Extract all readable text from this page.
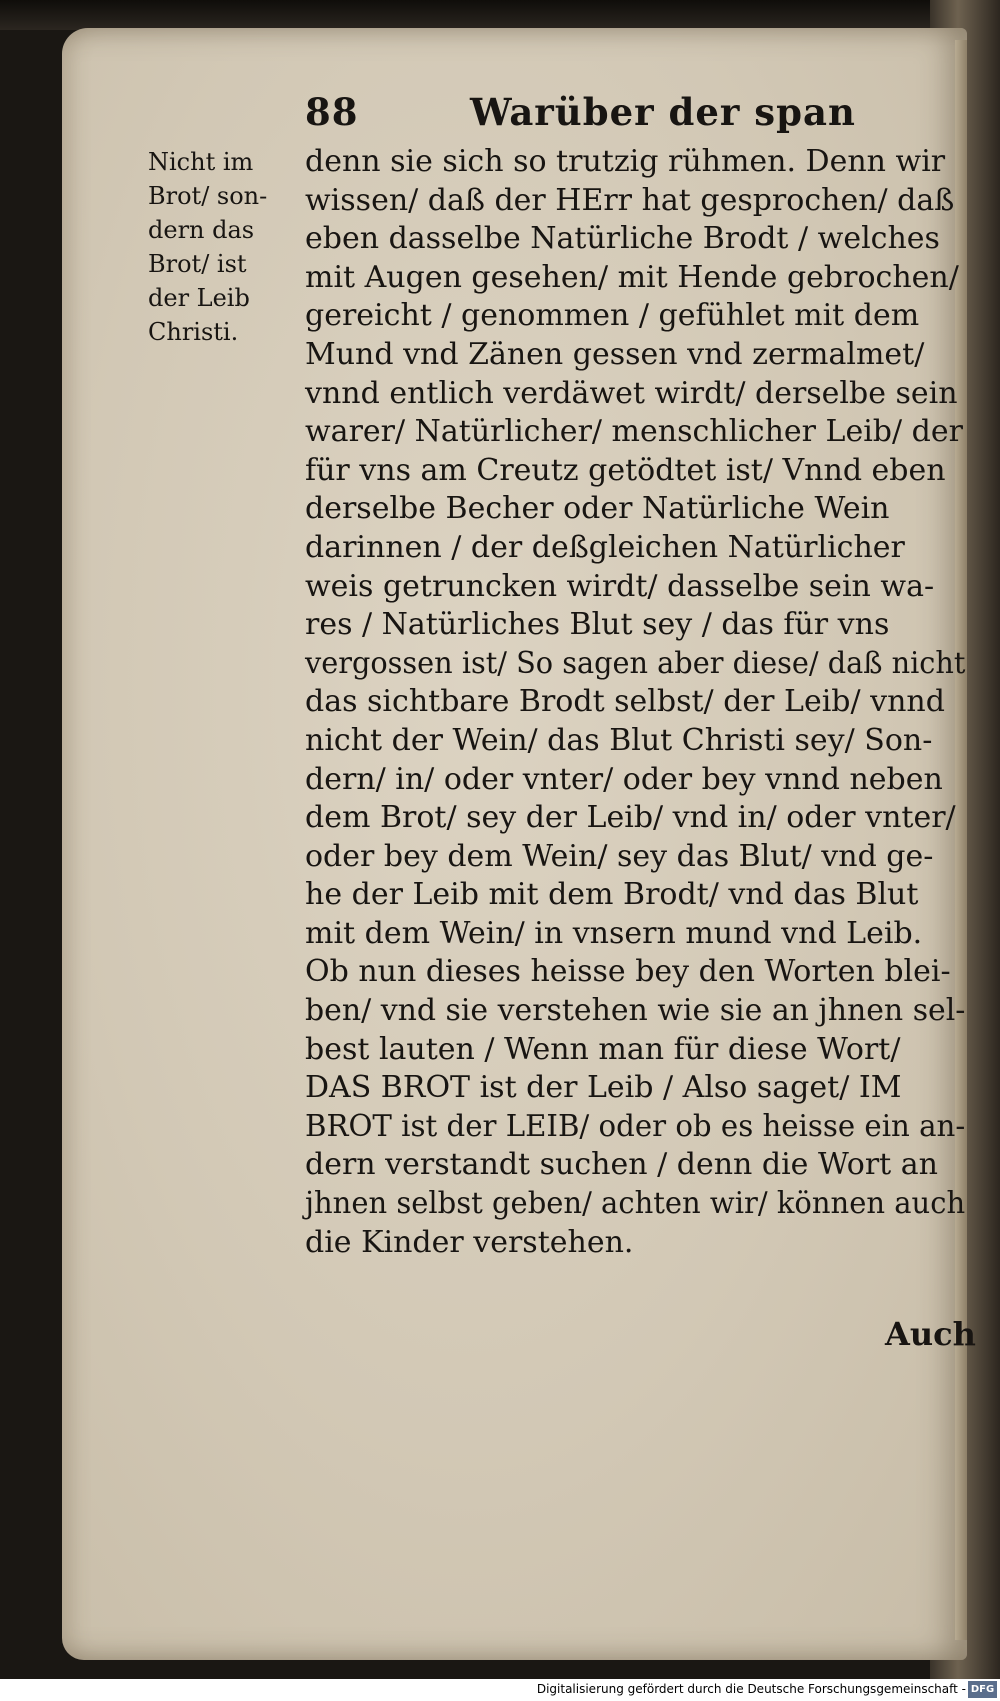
88	Warüber der span
Nicht im
Brot/ son-
dern das
Brot/ ist
der Leib
Christi.
denn sie sich so trutzig rühmen. Denn wir
wissen/ daß der HErr hat gesprochen/ daß
eben dasselbe Natürliche Brodt / welches
mit Augen gesehen/ mit Hende gebrochen/
gereicht / genommen / gefühlet mit dem
Mund vnd Zänen gessen vnd zermalmet/
vnnd entlich verdäwet wirdt/ derselbe sein
warer/ Natürlicher/ menschlicher Leib/ der
für vns am Creutz getödtet ist/ Vnnd eben
derselbe Becher oder Natürliche Wein
darinnen / der deßgleichen Natürlicher
weis getruncken wirdt/ dasselbe sein wa-
res / Natürliches Blut sey / das für vns
vergossen ist/ So sagen aber diese/ daß nicht
das sichtbare Brodt selbst/ der Leib/ vnnd
nicht der Wein/ das Blut Christi sey/ Son-
dern/ in/ oder vnter/ oder bey vnnd neben
dem Brot/ sey der Leib/ vnd in/ oder vnter/
oder bey dem Wein/ sey das Blut/ vnd ge-
he der Leib mit dem Brodt/ vnd das Blut
mit dem Wein/ in vnsern mund vnd Leib.
Ob nun dieses heisse bey den Worten blei-
ben/ vnd sie verstehen wie sie an jhnen sel-
best lauten / Wenn man für diese Wort/
DAS BROT ist der Leib / Also saget/ IM
BROT ist der LEIB/ oder ob es heisse ein an-
dern verstandt suchen / denn die Wort an
jhnen selbst geben/ achten wir/ können auch
die Kinder verstehen.
Auch
Digitalisierung gefördert durch die Deutsche Forschungsgemeinschaft - DFG
